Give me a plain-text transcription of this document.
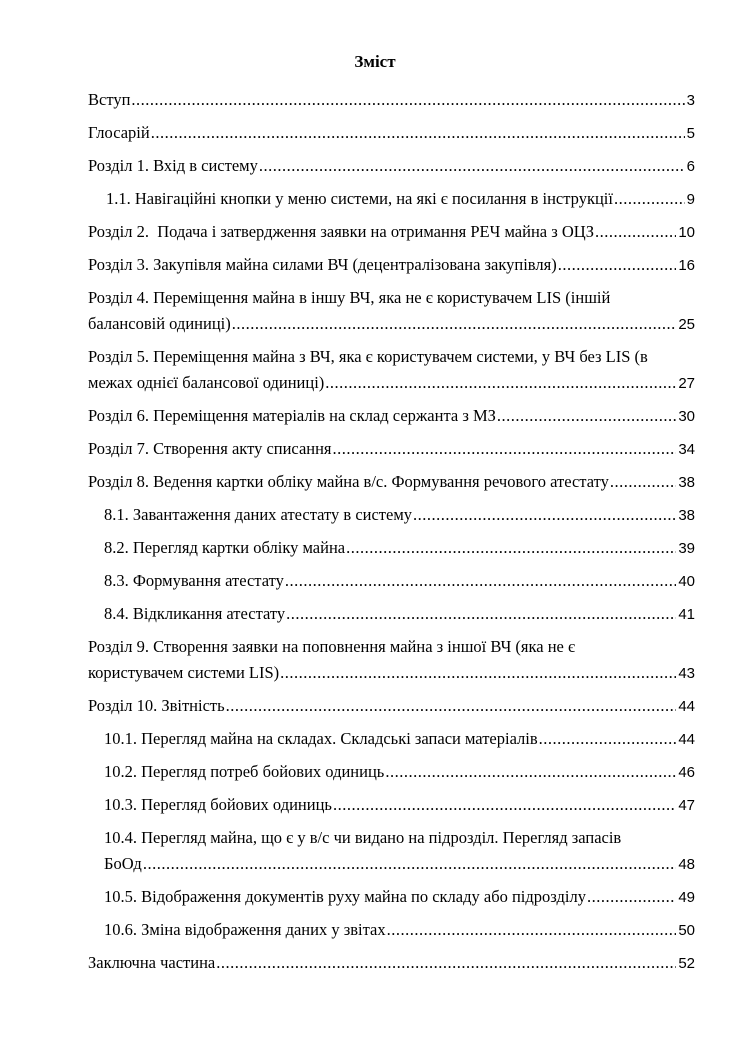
Зміст
Вступ .....	3
Глосарій .....	5
Розділ 1. Вхід в систему .....	6
1.1. Навігаційні кнопки у меню системи, на які є посилання в інструкції .....	9
Розділ 2.  Подача і затвердження заявки на отримання РЕЧ майна з ОЦЗ .....	10
Розділ 3. Закупівля майна силами ВЧ (децентралізована закупівля) .....	16
Розділ 4. Переміщення майна в іншу ВЧ, яка не є користувачем LIS (іншій
балансовій одиниці) .....	25
Розділ 5. Переміщення майна з ВЧ, яка є користувачем системи, у ВЧ без LIS (в
межах однієї балансової одиниці) .....	27
Розділ 6. Переміщення матеріалів на склад сержанта з МЗ .....	30
Розділ 7. Створення акту списання .....	34
Розділ 8. Ведення картки обліку майна в/с. Формування речового атестату .....	38
8.1. Завантаження даних атестату в систему .....	38
8.2. Перегляд картки обліку майна .....	39
8.3. Формування атестату .....	40
8.4. Відкликання атестату .....	41
Розділ 9. Створення заявки на поповнення майна з іншої ВЧ (яка не є
користувачем системи LIS) .....	43
Розділ 10. Звітність .....	44
10.1. Перегляд майна на складах. Складські запаси матеріалів .....	44
10.2. Перегляд потреб бойових одиниць .....	46
10.3. Перегляд бойових одиниць .....	47
10.4. Перегляд майна, що є у в/с чи видано на підрозділ. Перегляд запасів
БоОд .....	48
10.5. Відображення документів руху майна по складу або підрозділу .....	49
10.6. Зміна відображення даних у звітах .....	50
Заключна частина .....	52
